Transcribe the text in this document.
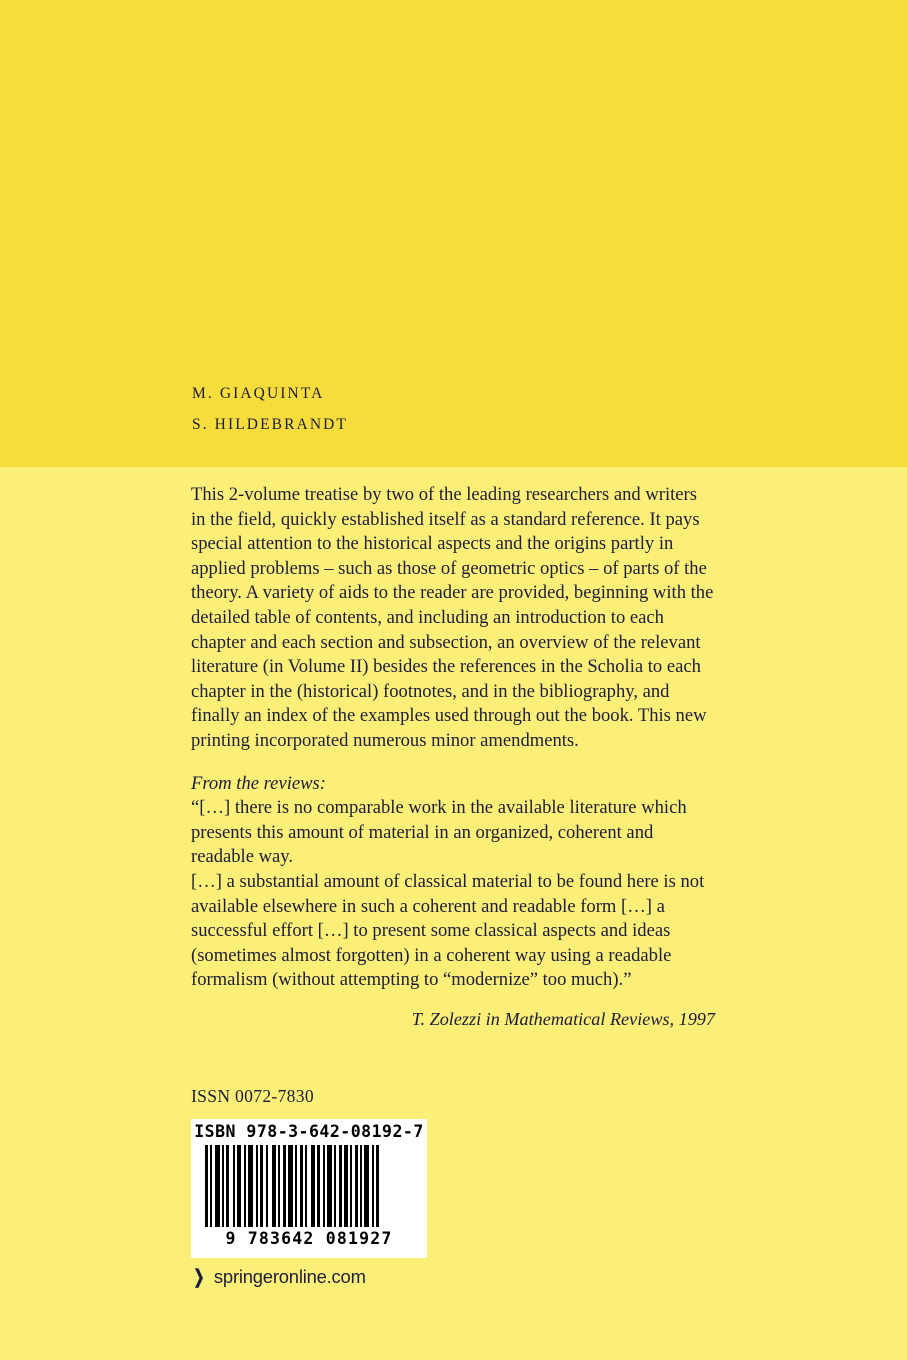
M. GIAQUINTA
S. HILDEBRANDT

This 2-volume treatise by two of the leading researchers and writers in the field, quickly established itself as a standard reference. It pays special attention to the historical aspects and the origins partly in applied problems – such as those of geometric optics – of parts of the theory. A variety of aids to the reader are provided, beginning with the detailed table of contents, and including an introduction to each chapter and each section and subsection, an overview of the relevant literature (in Volume II) besides the references in the Scholia to each chapter in the (historical) footnotes, and in the bibliography, and finally an index of the examples used through out the book. This new printing incorporated numerous minor amendments.

From the reviews:

“[…] there is no comparable work in the available literature which presents this amount of material in an organized, coherent and readable way.

[…] a substantial amount of classical material to be found here is not available elsewhere in such a coherent and readable form […] a successful effort […] to present some classical aspects and ideas (sometimes almost forgotten) in a coherent way using a readable formalism (without attempting to “modernize” too much).”

T. Zolezzi in Mathematical Reviews, 1997

ISSN 0072-7830
ISBN 978-3-642-08192-7
9 783642 081927
❯ springeronline.com
